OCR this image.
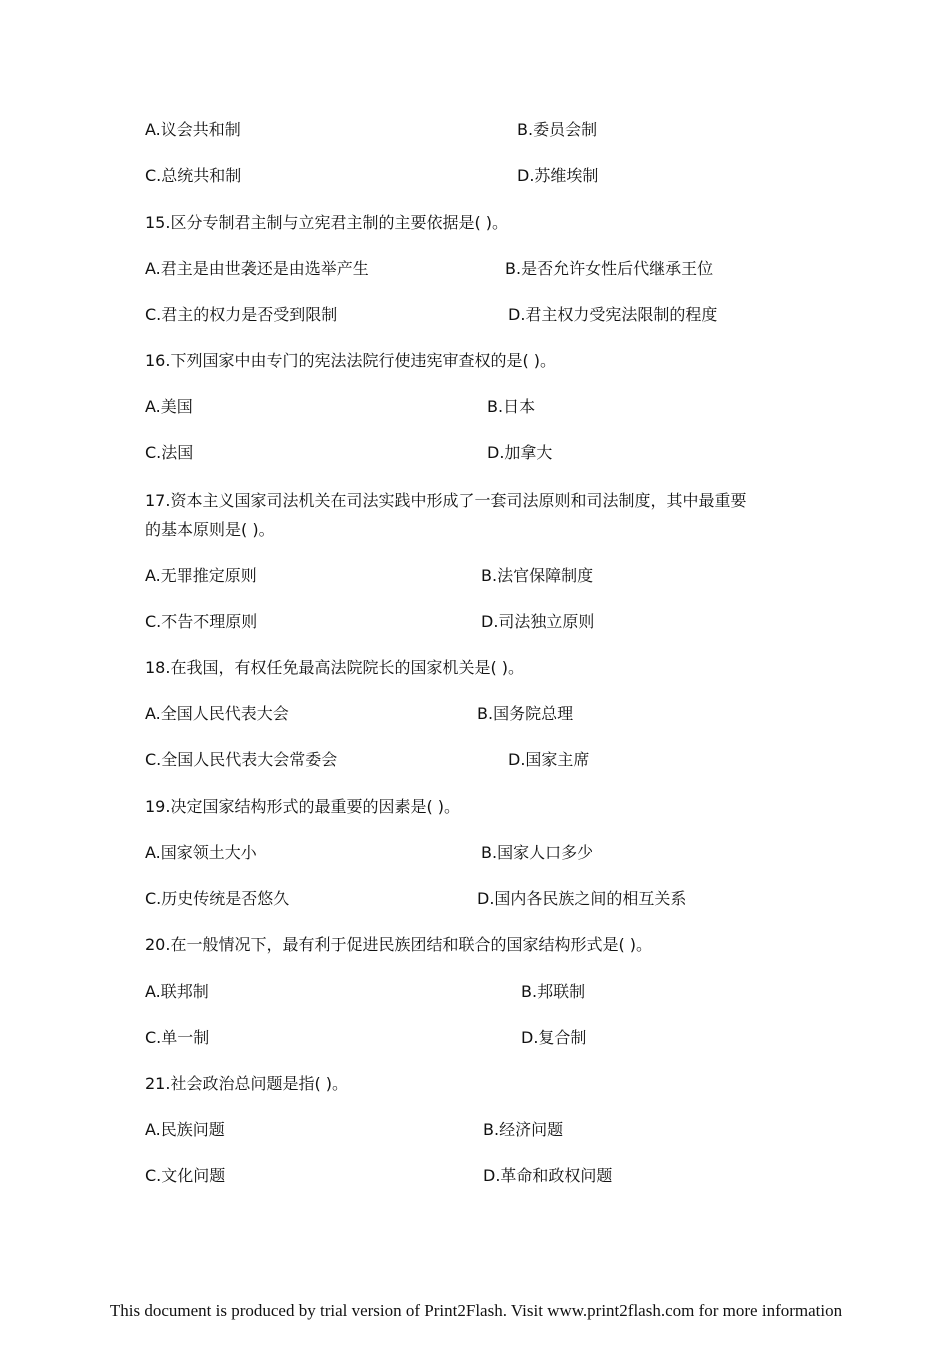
A.议会共和制	B.委员会制
C.总统共和制	D.苏维埃制
15.区分专制君主制与立宪君主制的主要依据是( )。
A.君主是由世袭还是由选举产生	B.是否允许女性后代继承王位
C.君主的权力是否受到限制	D.君主权力受宪法限制的程度
16.下列国家中由专门的宪法法院行使违宪审查权的是( )。
A.美国	B.日本
C.法国	D.加拿大
17.资本主义国家司法机关在司法实践中形成了一套司法原则和司法制度，其中最重要
的基本原则是( )。
A.无罪推定原则	B.法官保障制度
C.不告不理原则	D.司法独立原则
18.在我国，有权任免最高法院院长的国家机关是( )。
A.全国人民代表大会	B.国务院总理
C.全国人民代表大会常委会	D.国家主席
19.决定国家结构形式的最重要的因素是( )。
A.国家领土大小	B.国家人口多少
C.历史传统是否悠久	D.国内各民族之间的相互关系
20.在一般情况下，最有利于促进民族团结和联合的国家结构形式是( )。
A.联邦制	B.邦联制
C.单一制	D.复合制
21.社会政治总问题是指( )。
A.民族问题	B.经济问题
C.文化问题	D.革命和政权问题
This document is produced by trial version of Print2Flash. Visit www.print2flash.com for more information
